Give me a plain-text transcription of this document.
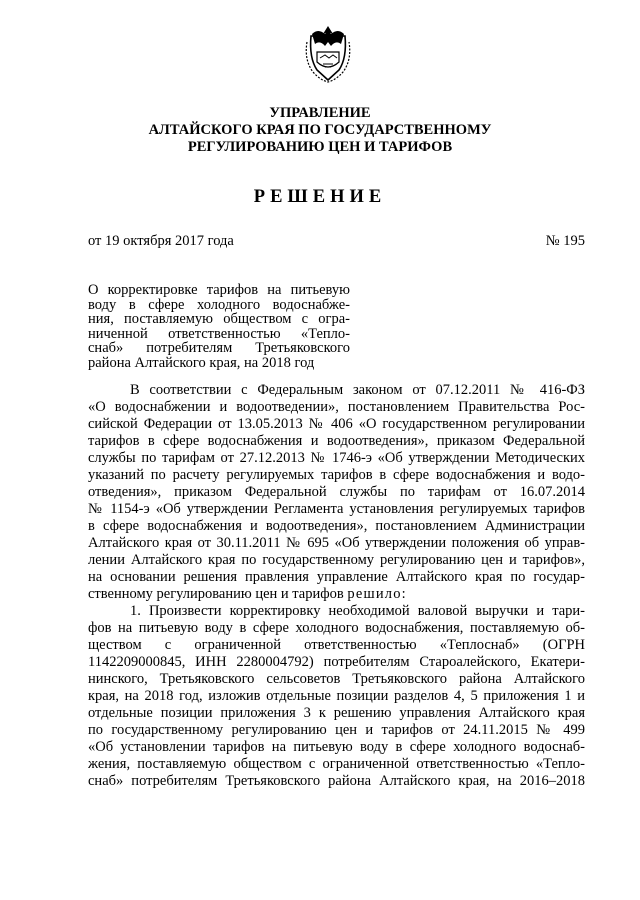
УПРАВЛЕНИЕ
АЛТАЙСКОГО КРАЯ ПО ГОСУДАРСТВЕННОМУ
РЕГУЛИРОВАНИЮ ЦЕН И ТАРИФОВ
РЕШЕНИЕ
от 19 октября 2017 года	№ 195
О корректировке тарифов на питьевую
воду в сфере холодного водоснабже-
ния, поставляемую обществом с огра-
ниченной ответственностью «Тепло-
снаб» потребителям Третьяковского
района Алтайского края, на 2018 год
В соответствии с Федеральным законом от 07.12.2011 № 416-ФЗ
«О водоснабжении и водоотведении», постановлением Правительства Рос-
сийской Федерации от 13.05.2013 № 406 «О государственном регулировании
тарифов в сфере водоснабжения и водоотведения», приказом Федеральной
службы по тарифам от 27.12.2013 № 1746-э «Об утверждении Методических
указаний по расчету регулируемых тарифов в сфере водоснабжения и водо-
отведения», приказом Федеральной службы по тарифам от 16.07.2014
№ 1154-э «Об утверждении Регламента установления регулируемых тарифов
в сфере водоснабжения и водоотведения», постановлением Администрации
Алтайского края от 30.11.2011 № 695 «Об утверждении положения об управ-
лении Алтайского края по государственному регулированию цен и тарифов»,
на основании решения правления управление Алтайского края по государ-
ственному регулированию цен и тарифов решило:
1. Произвести корректировку необходимой валовой выручки и тари-
фов на питьевую воду в сфере холодного водоснабжения, поставляемую об-
ществом с ограниченной ответственностью «Теплоснаб» (ОГРН
1142209000845, ИНН 2280004792) потребителям Староалейского, Екатери-
нинского, Третьяковского сельсоветов Третьяковского района Алтайского
края, на 2018 год, изложив отдельные позиции разделов 4, 5 приложения 1 и
отдельные позиции приложения 3 к решению управления Алтайского края
по государственному регулированию цен и тарифов от 24.11.2015 № 499
«Об установлении тарифов на питьевую воду в сфере холодного водоснаб-
жения, поставляемую обществом с ограниченной ответственностью «Тепло-
снаб» потребителям Третьяковского района Алтайского края, на 2016–2018
